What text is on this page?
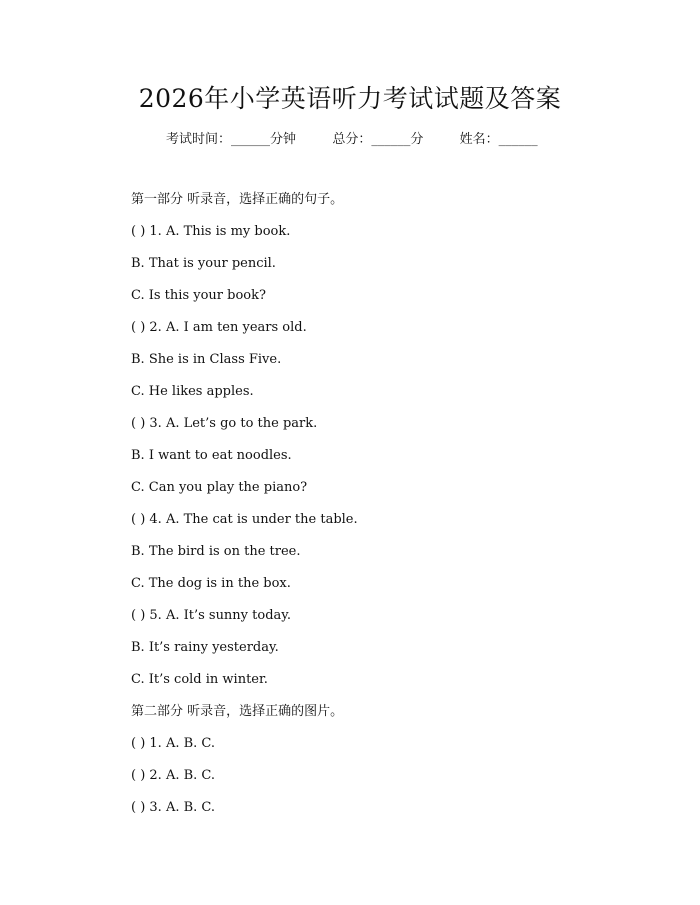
2026年小学英语听力考试试题及答案
考试时间：______分钟	总分：______分	姓名：______
第一部分 听录音，选择正确的句子。
( ) 1. A. This is my book.
B. That is your pencil.
C. Is this your book?
( ) 2. A. I am ten years old.
B. She is in Class Five.
C. He likes apples.
( ) 3. A. Let’s go to the park.
B. I want to eat noodles.
C. Can you play the piano?
( ) 4. A. The cat is under the table.
B. The bird is on the tree.
C. The dog is in the box.
( ) 5. A. It’s sunny today.
B. It’s rainy yesterday.
C. It’s cold in winter.
第二部分 听录音，选择正确的图片。
( ) 1. A. B. C.
( ) 2. A. B. C.
( ) 3. A. B. C.
